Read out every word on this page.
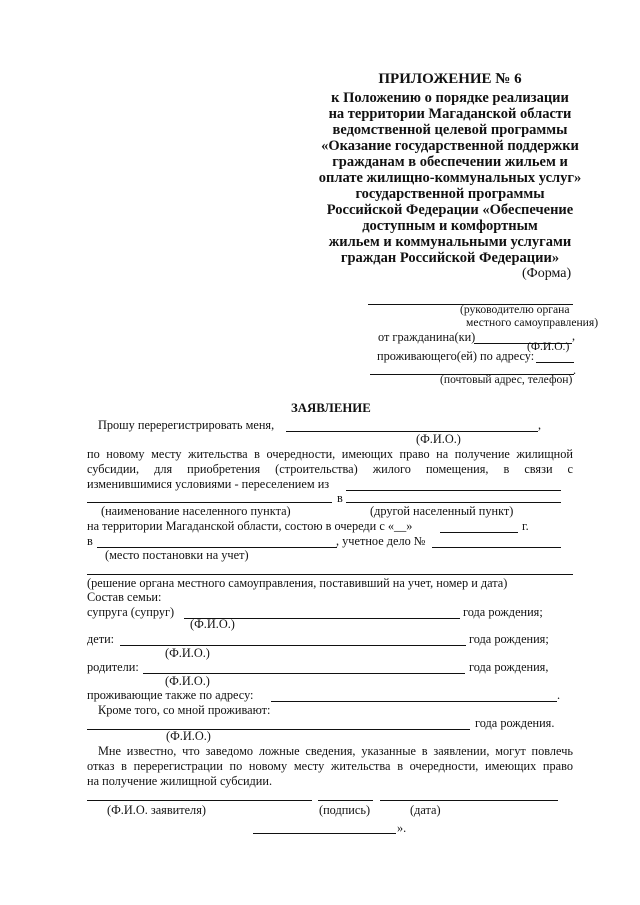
ПРИЛОЖЕНИЕ № 6
к Положению о порядке реализации
на территории Магаданской области
ведомственной целевой программы
«Оказание государственной поддержки
гражданам в обеспечении жильем и
оплате жилищно-коммунальных услуг»
государственной программы
Российской Федерации «Обеспечение
доступным и комфортным
жильем и коммунальными услугами
граждан Российской Федерации»
(Форма)
(руководителю органа
местного самоуправления)
от гражданина(ки)	,
(Ф.И.О.)
проживающего(ей) по адресу:
.
(почтовый адрес, телефон)
ЗАЯВЛЕНИЕ
Прошу перерегистрировать меня,	,
(Ф.И.О.)
по новому месту жительства в очередности, имеющих право на получение жилищной
субсидии, для приобретения (строительства) жилого помещения, в связи с
изменившимися условиями - переселением из
в
(наименование населенного пункта)	(другой населенный пункт)
на территории Магаданской области, состою в очереди с «__»	г.
в	, учетное дело №
(место постановки на учет)
(решение органа местного самоуправления, поставивший на учет, номер и дата)
Состав семьи:
супруга (супруг)	года рождения;
(Ф.И.О.)
дети:	года рождения;
(Ф.И.О.)
родители:	года рождения,
(Ф.И.О.)
проживающие также по адресу:	.
Кроме того, со мной проживают:
года рождения.
(Ф.И.О.)
Мне известно, что заведомо ложные сведения, указанные в заявлении, могут повлечь
отказ в перерегистрации по новому месту жительства в очередности, имеющих право
на получение жилищной субсидии.
(Ф.И.О. заявителя)	(подпись)	(дата)
».
